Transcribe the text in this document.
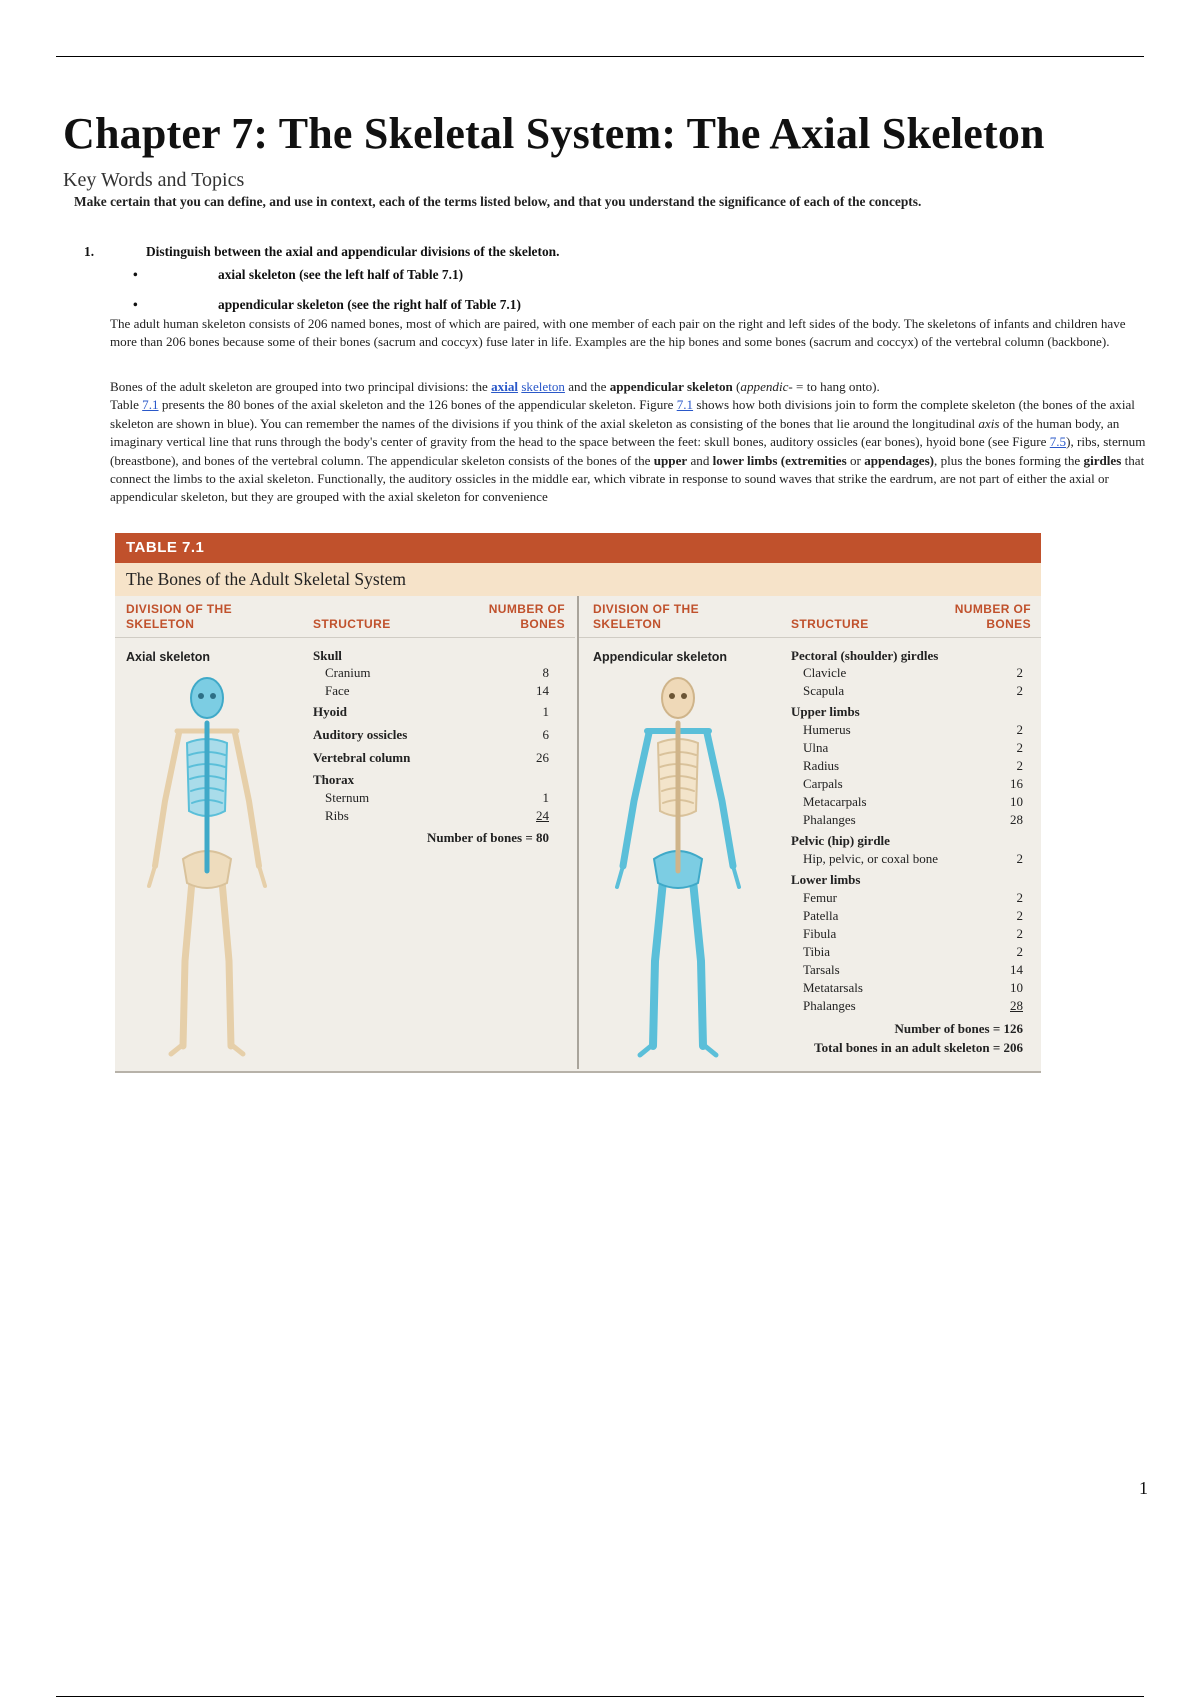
Chapter 7: The Skeletal System: The Axial Skeleton
Key Words and Topics
Make certain that you can define, and use in context, each of the terms listed below, and that you understand the significance of each of the concepts.
1.	Distinguish between the axial and appendicular divisions of the skeleton.
•	axial skeleton (see the left half of Table 7.1)
•	appendicular skeleton (see the right half of Table 7.1)

The adult human skeleton consists of 206 named bones, most of which are paired, with one member of each pair on the right and left sides of the body. The skeletons of infants and children have more than 206 bones because some of their bones (sacrum and coccyx) fuse later in life. Examples are the hip bones and some bones (sacrum and coccyx) of the vertebral column (backbone).

Bones of the adult skeleton are grouped into two principal divisions: the axial skeleton and the appendicular skeleton (appendic- = to hang onto).
Table 7.1 presents the 80 bones of the axial skeleton and the 126 bones of the appendicular skeleton. Figure 7.1 shows how both divisions join to form the complete skeleton (the bones of the axial skeleton are shown in blue). You can remember the names of the divisions if you think of the axial skeleton as consisting of the bones that lie around the longitudinal axis of the human body, an imaginary vertical line that runs through the body's center of gravity from the head to the space between the feet: skull bones, auditory ossicles (ear bones), hyoid bone (see Figure 7.5), ribs, sternum (breastbone), and bones of the vertebral column. The appendicular skeleton consists of the bones of the upper and lower limbs (extremities or appendages), plus the bones forming the girdles that connect the limbs to the axial skeleton. Functionally, the auditory ossicles in the middle ear, which vibrate in response to sound waves that strike the eardrum, are not part of either the axial or appendicular skeleton, but they are grouped with the axial skeleton for convenience

TABLE 7.1
The Bones of the Adult Skeletal System
DIVISION OF THE SKELETON	STRUCTURE
NUMBER OF BONES
DIVISION OF THE SKELETON	STRUCTURE
NUMBER OF BONES
Axial skeleton	Skull
Cranium	8
Face	14
Hyoid	1
Auditory ossicles	6
Vertebral column	26
Thorax
Sternum	1
Ribs	24
Number of bones = 80
Appendicular skeleton	Pectoral (shoulder) girdles
Clavicle	2
Scapula	2
Upper limbs
Humerus	2
Ulna	2
Radius	2
Carpals	16
Metacarpals	10
Phalanges	28
Pelvic (hip) girdle
Hip, pelvic, or coxal bone	2
Lower limbs
Femur	2
Patella	2
Fibula	2
Tibia	2
Tarsals	14
Metatarsals	10
Phalanges	28
Number of bones = 126
Total bones in an adult skeleton = 206
1
